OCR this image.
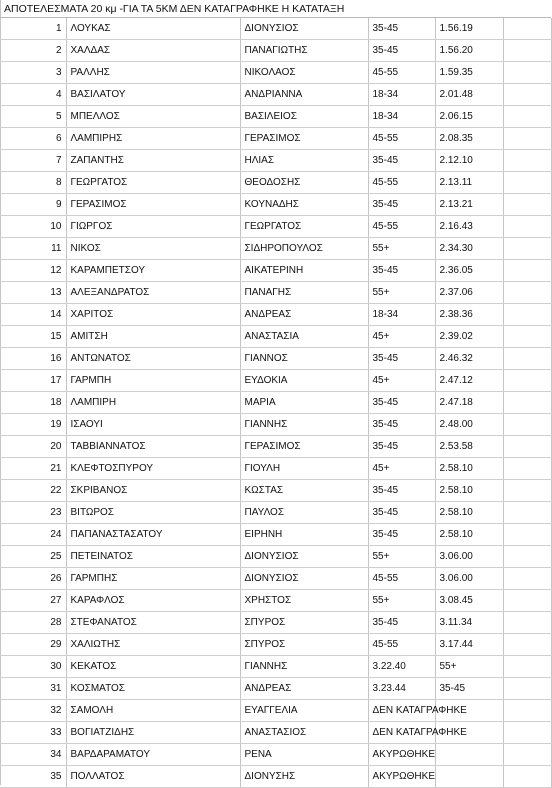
ΑΠΟΤΕΛΕΣΜΑΤΑ 20 κμ -ΓΙΑ ΤΑ 5ΚΜ ΔΕΝ ΚΑΤΑΓΡΑΦΗΚΕ Η ΚΑΤΑΤΑΞΗ
1	ΛΟΥΚΑΣ	ΔΙΟΝΥΣΙΟΣ	35-45	1.56.19	
2	ΧΑΛΔΑΣ	ΠΑΝΑΓΙΩΤΗΣ	35-45	1.56.20	
3	ΡΑΛΛΗΣ	ΝΙΚΟΛΑΟΣ	45-55	1.59.35	
4	ΒΑΣΙΛΑΤΟΥ	ΑΝΔΡΙΑΝΝΑ	18-34	2.01.48	
5	ΜΠΕΛΛΟΣ	ΒΑΣΙΛΕΙΟΣ	18-34	2.06.15	
6	ΛΑΜΠΙΡΗΣ	ΓΕΡΑΣΙΜΟΣ	45-55	2.08.35	
7	ΖΑΠΑΝΤΗΣ	ΗΛΙΑΣ	35-45	2.12.10	
8	ΓΕΩΡΓΑΤΟΣ	ΘΕΟΔΟΣΗΣ	45-55	2.13.11	
9	ΓΕΡΑΣΙΜΟΣ	ΚΟΥΝΑΔΗΣ	35-45	2.13.21	
10	ΓΙΩΡΓΟΣ	ΓΕΩΡΓΑΤΟΣ	45-55	2.16.43	
11	ΝΙΚΟΣ	ΣΙΔΗΡΟΠΟΥΛΟΣ	55+	2.34.30	
12	ΚΑΡΑΜΠΕΤΣΟΥ	ΑΙΚΑΤΕΡΙΝΗ	35-45	2.36.05	
13	ΑΛΕΞΑΝΔΡΑΤΟΣ	ΠΑΝΑΓΗΣ	55+	2.37.06	
14	ΧΑΡΙΤΟΣ	ΑΝΔΡΕΑΣ	18-34	2.38.36	
15	ΑΜΙΤΣΗ	ΑΝΑΣΤΑΣΙΑ	45+	2.39.02	
16	ΑΝΤΩΝΑΤΟΣ	ΓΙΑΝΝΟΣ	35-45	2.46.32	
17	ΓΑΡΜΠΗ	ΕΥΔΟΚΙΑ	45+	2.47.12	
18	ΛΑΜΠΙΡΗ	ΜΑΡΙΑ	35-45	2.47.18	
19	ΙΣΑΟΥΙ	ΓΙΑΝΝΗΣ	35-45	2.48.00	
20	ΤΑΒΒΙΑΝΝΑΤΟΣ	ΓΕΡΑΣΙΜΟΣ	35-45	2.53.58	
21	ΚΛΕΦΤΟΣΠΥΡΟΥ	ΓΙΟΥΛΗ	45+	2.58.10	
22	ΣΚΡΙΒΑΝΟΣ	ΚΩΣΤΑΣ	35-45	2.58.10	
23	ΒΙΤΩΡΟΣ	ΠΑΥΛΟΣ	35-45	2.58.10	
24	ΠΑΠΑΝΑΣΤΑΣΑΤΟΥ	ΕΙΡΗΝΗ	35-45	2.58.10	
25	ΠΕΤΕΙΝΑΤΟΣ	ΔΙΟΝΥΣΙΟΣ	55+	3.06.00	
26	ΓΑΡΜΠΗΣ	ΔΙΟΝΥΣΙΟΣ	45-55	3.06.00	
27	ΚΑΡΑΦΛΟΣ	ΧΡΗΣΤΟΣ	55+	3.08.45	
28	ΣΤΕΦΑΝΑΤΟΣ	ΣΠΥΡΟΣ	35-45	3.11.34	
29	ΧΑΛΙΩΤΗΣ	ΣΠΥΡΟΣ	45-55	3.17.44	
30	ΚΕΚΑΤΟΣ	ΓΙΑΝΝΗΣ	3.22.40	55+	
31	ΚΟΣΜΑΤΟΣ	ΑΝΔΡΕΑΣ	3.23.44	35-45	
32	ΣΑΜΟΛΗ	ΕΥΑΓΓΕΛΙΑ	ΔΕΝ ΚΑΤΑΓΡΑΦΗΚΕ		
33	ΒΟΓΙΑΤΖΙΔΗΣ	ΑΝΑΣΤΑΣΙΟΣ	ΔΕΝ ΚΑΤΑΓΡΑΦΗΚΕ		
34	ΒΑΡΔΑΡΑΜΑΤΟΥ	ΡΕΝΑ	ΑΚΥΡΩΘΗΚΕ		
35	ΠΟΛΛΑΤΟΣ	ΔΙΟΝΥΣΗΣ	ΑΚΥΡΩΘΗΚΕ		
